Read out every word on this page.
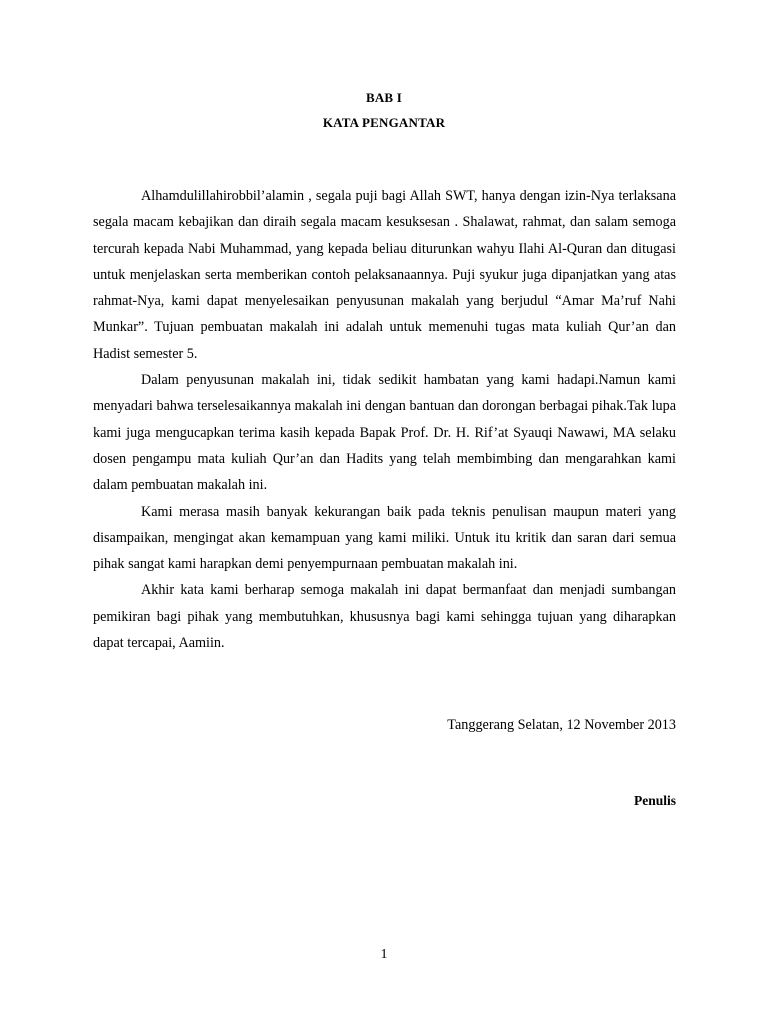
BAB I
KATA PENGANTAR

Alhamdulillahirobbil’alamin , segala puji bagi Allah SWT, hanya dengan izin-Nya terlaksana segala macam kebajikan dan diraih segala macam kesuksesan . Shalawat, rahmat, dan salam semoga tercurah kepada Nabi Muhammad, yang kepada beliau diturunkan wahyu Ilahi Al-Quran dan ditugasi untuk menjelaskan serta memberikan contoh pelaksanaannya. Puji syukur juga dipanjatkan yang atas rahmat-Nya, kami dapat menyelesaikan penyusunan makalah yang berjudul “Amar Ma’ruf Nahi Munkar”. Tujuan pembuatan makalah ini adalah untuk memenuhi tugas mata kuliah Qur’an dan Hadist semester 5.

Dalam penyusunan makalah ini, tidak sedikit hambatan yang kami hadapi.Namun kami menyadari bahwa terselesaikannya makalah ini dengan bantuan dan dorongan berbagai pihak.Tak lupa kami juga mengucapkan terima kasih kepada Bapak Prof. Dr. H. Rif’at Syauqi Nawawi, MA selaku dosen pengampu mata kuliah Qur’an dan Hadits yang telah membimbing dan mengarahkan kami dalam pembuatan makalah ini.

Kami merasa masih banyak kekurangan baik pada teknis penulisan maupun materi yang disampaikan, mengingat akan kemampuan yang kami miliki. Untuk itu kritik dan saran dari semua pihak sangat kami harapkan demi penyempurnaan pembuatan makalah ini.

Akhir kata kami berharap semoga makalah ini dapat bermanfaat dan menjadi sumbangan pemikiran bagi pihak yang membutuhkan, khususnya bagi kami sehingga tujuan yang diharapkan dapat tercapai, Aamiin.

Tanggerang Selatan, 12 November 2013
Penulis
1
